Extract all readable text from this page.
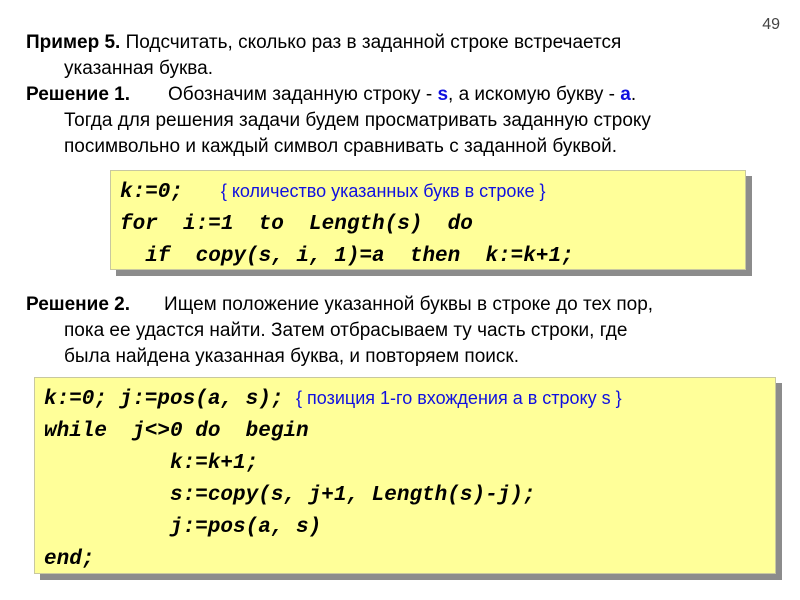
49
Пример 5. Подсчитать, сколько раз в заданной строке встречается
указанная буква.
Решение 1. Обозначим заданную строку - s, а искомую букву - a.
Тогда для решения задачи будем просматривать заданную строку
посимвольно и каждый символ сравнивать с заданной буквой.
k:=0;   { количество указанных букв в строке }
for  i:=1  to  Length(s)  do
if  copy(s, i, 1)=a  then  k:=k+1;
Решение 2. Ищем положение указанной буквы в строке до тех пор,
пока ее удастся найти. Затем отбрасываем ту часть строки, где
была найдена указанная буква, и повторяем поиск.
k:=0; j:=pos(a, s); { позиция 1-го вхождения a в строку s }
while  j<>0 do  begin
k:=k+1;
s:=copy(s, j+1, Length(s)-j);
j:=pos(a, s)
end;
